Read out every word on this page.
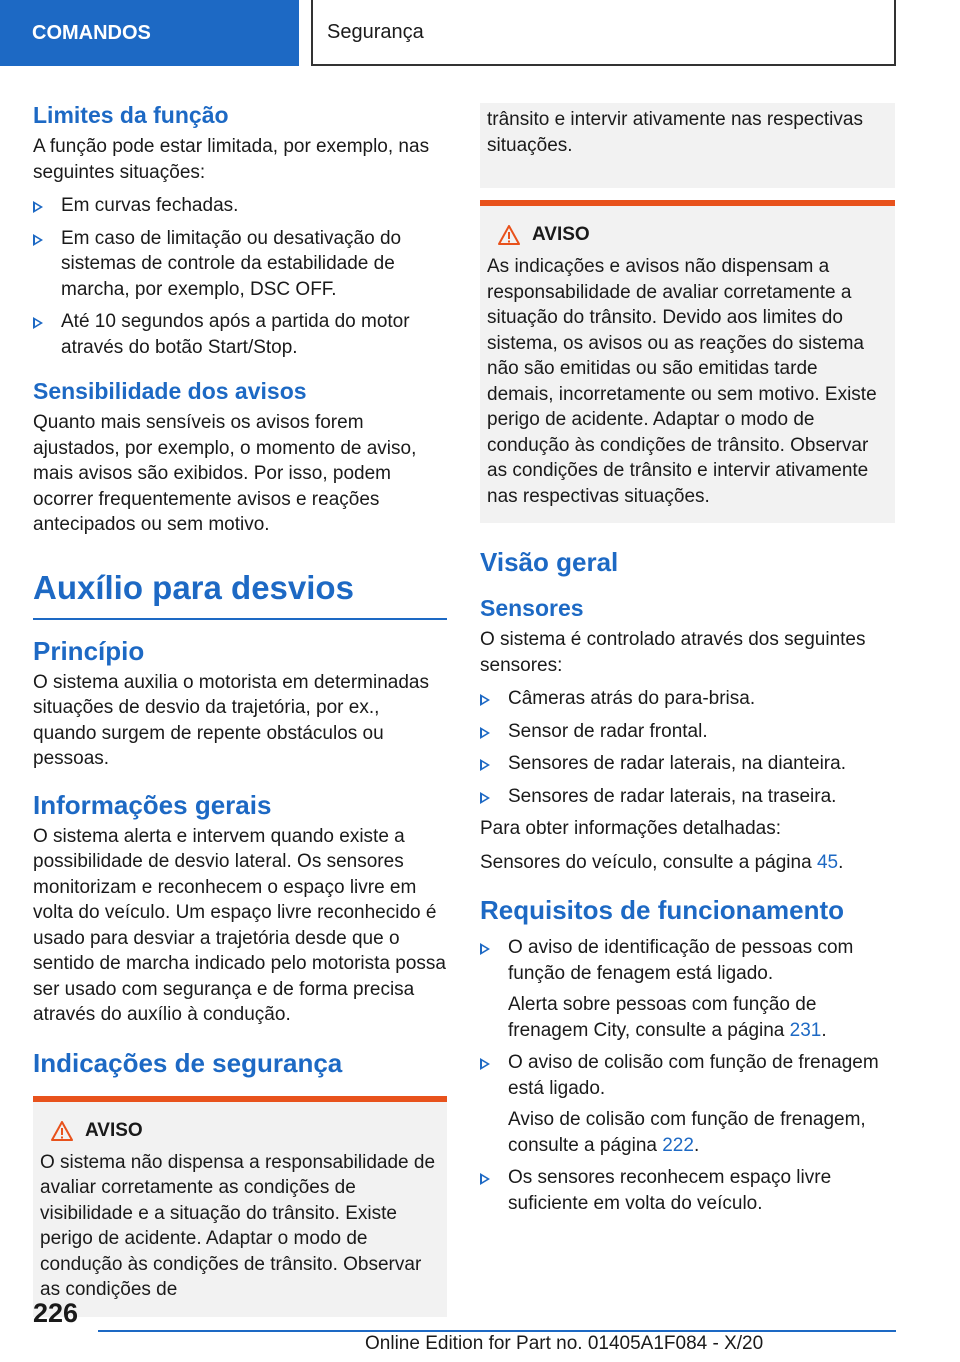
COMANDOS	Segurança
Limites da função

A função pode estar limitada, por exemplo, nas seguintes situações:

Em curvas fechadas.
Em caso de limitação ou desativação do sistemas de controle da estabilidade de marcha, por exemplo, DSC OFF.
Até 10 segundos após a partida do motor através do botão Start/Stop.
Sensibilidade dos avisos

Quanto mais sensíveis os avisos forem ajustados, por exemplo, o momento de aviso, mais avisos são exibidos. Por isso, podem ocorrer frequentemente avisos e reações antecipados ou sem motivo.

Auxílio para desvios
Princípio

O sistema auxilia o motorista em determinadas situações de desvio da trajetória, por ex., quando surgem de repente obstáculos ou pessoas.

Informações gerais

O sistema alerta e intervem quando existe a possibilidade de desvio lateral. Os sensores monitorizam e reconhecem o espaço livre em volta do veículo. Um espaço livre reconhecido é usado para desviar a trajetória desde que o sentido de marcha indicado pelo motorista possa ser usado com segurança e de forma precisa através do auxílio à condução.

Indicações de segurança
AVISO

O sistema não dispensa a responsabilidade de avaliar corretamente as condições de visibilidade e a situação do trânsito. Existe perigo de acidente. Adaptar o modo de condução às condições de trânsito. Observar as condições de

trânsito e intervir ativamente nas respectivas situações.

AVISO

As indicações e avisos não dispensam a responsabilidade de avaliar corretamente a situação do trânsito. Devido aos limites do sistema, os avisos ou as reações do sistema não são emitidas ou são emitidas tarde demais, incorretamente ou sem motivo. Existe perigo de acidente. Adaptar o modo de condução às condições de trânsito. Observar as condições de trânsito e intervir ativamente nas respectivas situações.

Visão geral
Sensores

O sistema é controlado através dos seguintes sensores:

Câmeras atrás do para-brisa.
Sensor de radar frontal.
Sensores de radar laterais, na dianteira.
Sensores de radar laterais, na traseira.

Para obter informações detalhadas:

Sensores do veículo, consulte a página 45.

Requisitos de funcionamento
O aviso de identificação de pessoas com função de fenagem está ligado.
Alerta sobre pessoas com função de frenagem City, consulte a página 231.
O aviso de colisão com função de frenagem está ligado.
Aviso de colisão com função de frenagem, consulte a página 222.
Os sensores reconhecem espaço livre suficiente em volta do veículo.
226
Online Edition for Part no. 01405A1F084 - X/20
